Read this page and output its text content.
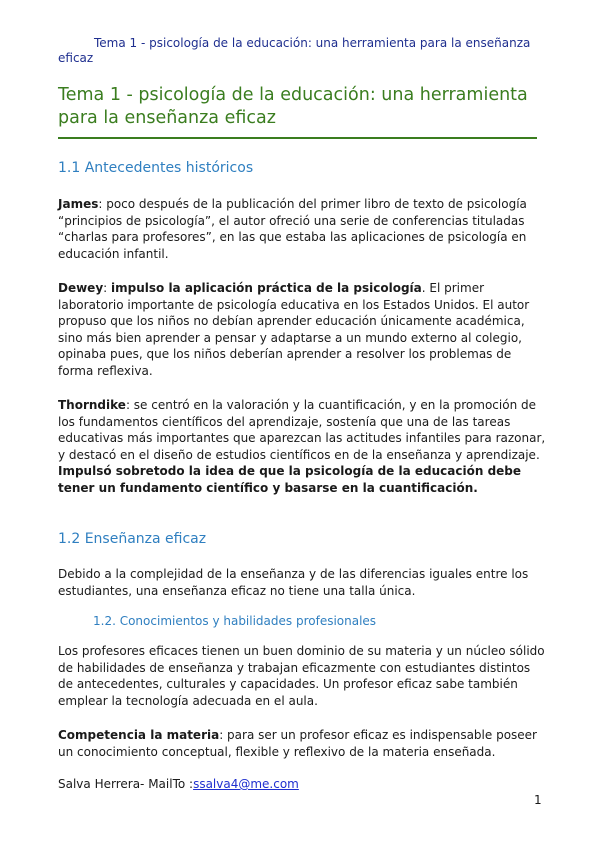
Tema 1 - psicología de la educación: una herramienta para la enseñanza eficaz
Tema 1 - psicología de la educación: una herramienta para la enseñanza eficaz
1.1 Antecedentes históricos
James: poco después de la publicación del primer libro de texto de psicología “principios de psicología”, el autor ofreció una serie de conferencias tituladas “charlas para profesores”, en las que estaba las aplicaciones de psicología en educación infantil.
Dewey: impulso la aplicación práctica de la psicología. El primer laboratorio importante de psicología educativa en los Estados Unidos. El autor propuso que los niños no debían aprender educación únicamente académica, sino más bien aprender a pensar y adaptarse a un mundo externo al colegio, opinaba pues, que los niños deberían aprender a resolver los problemas de forma reflexiva.
Thorndike: se centró en la valoración y la cuantificación, y en la promoción de los fundamentos científicos del aprendizaje, sostenía que una de las tareas educativas más importantes que aparezcan las actitudes infantiles para razonar, y destacó en el diseño de estudios científicos en de la enseñanza y aprendizaje. Impulsó sobretodo la idea de que la psicología de la educación debe tener un fundamento científico y basarse en la cuantificación.
1.2 Enseñanza eficaz
Debido a la complejidad de la enseñanza y de las diferencias iguales entre los estudiantes, una enseñanza eficaz no tiene una talla única.
1.2. Conocimientos y habilidades profesionales
Los profesores eficaces tienen un buen dominio de su materia y un núcleo sólido de habilidades de enseñanza y trabajan eficazmente con estudiantes distintos de antecedentes, culturales y capacidades. Un profesor eficaz sabe también emplear la tecnología adecuada en el aula.
Competencia la materia: para ser un profesor eficaz es indispensable poseer un conocimiento conceptual, flexible y reflexivo de la materia enseñada.
Salva Herrera- MailTo :ssalva4@me.com
1
